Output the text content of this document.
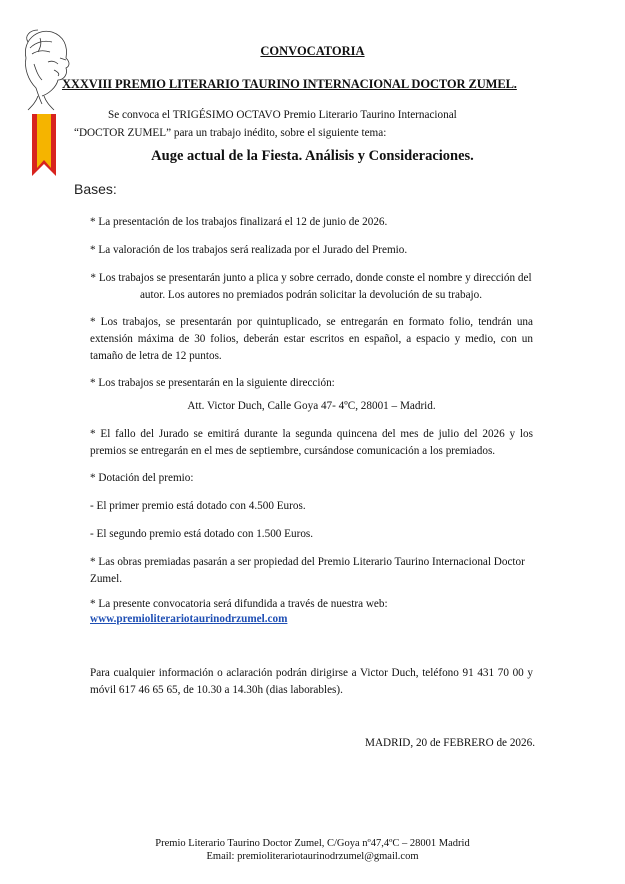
CONVOCATORIA
XXXVIII PREMIO LITERARIO TAURINO INTERNACIONAL DOCTOR ZUMEL.
Se convoca el TRIGÉSIMO OCTAVO Premio Literario Taurino Internacional “DOCTOR ZUMEL” para un trabajo inédito, sobre el siguiente tema:
Auge actual de la Fiesta. Análisis y Consideraciones.
Bases:
* La presentación de los trabajos finalizará el 12 de junio de 2026.
* La valoración de los trabajos será realizada por el Jurado del Premio.
* Los trabajos se presentarán junto a plica y sobre cerrado, donde conste el nombre y dirección del autor. Los autores no premiados podrán solicitar la devolución de su trabajo.
* Los trabajos, se presentarán por quintuplicado, se entregarán en formato folio, tendrán una extensión máxima de 30 folios, deberán estar escritos en español, a espacio y medio, con un tamaño de letra de 12 puntos.
* Los trabajos se presentarán en la siguiente dirección:
Att. Victor Duch, Calle Goya 47- 4ºC, 28001 – Madrid.
* El fallo del Jurado se emitirá durante la segunda quincena del mes de julio del 2026 y los premios se entregarán en el mes de septiembre, cursándose comunicación a los premiados.
* Dotación del premio:
- El primer premio está dotado con 4.500 Euros.
- El segundo premio está dotado con 1.500 Euros.
* Las obras premiadas pasarán a ser propiedad del Premio Literario Taurino Internacional Doctor Zumel.
* La presente convocatoria será difundida a través de nuestra web:
www.premioliterariotaurinodrzumel.com
Para cualquier información o aclaración podrán dirigirse a Victor Duch, teléfono 91 431 70 00 y móvil 617 46 65 65, de 10.30 a 14.30h (dias laborables).
MADRID, 20 de FEBRERO de 2026.
Premio Literario Taurino Doctor Zumel, C/Goya nº47,4ºC – 28001 Madrid
Email: premioliterariotaurinodrzumel@gmail.com
